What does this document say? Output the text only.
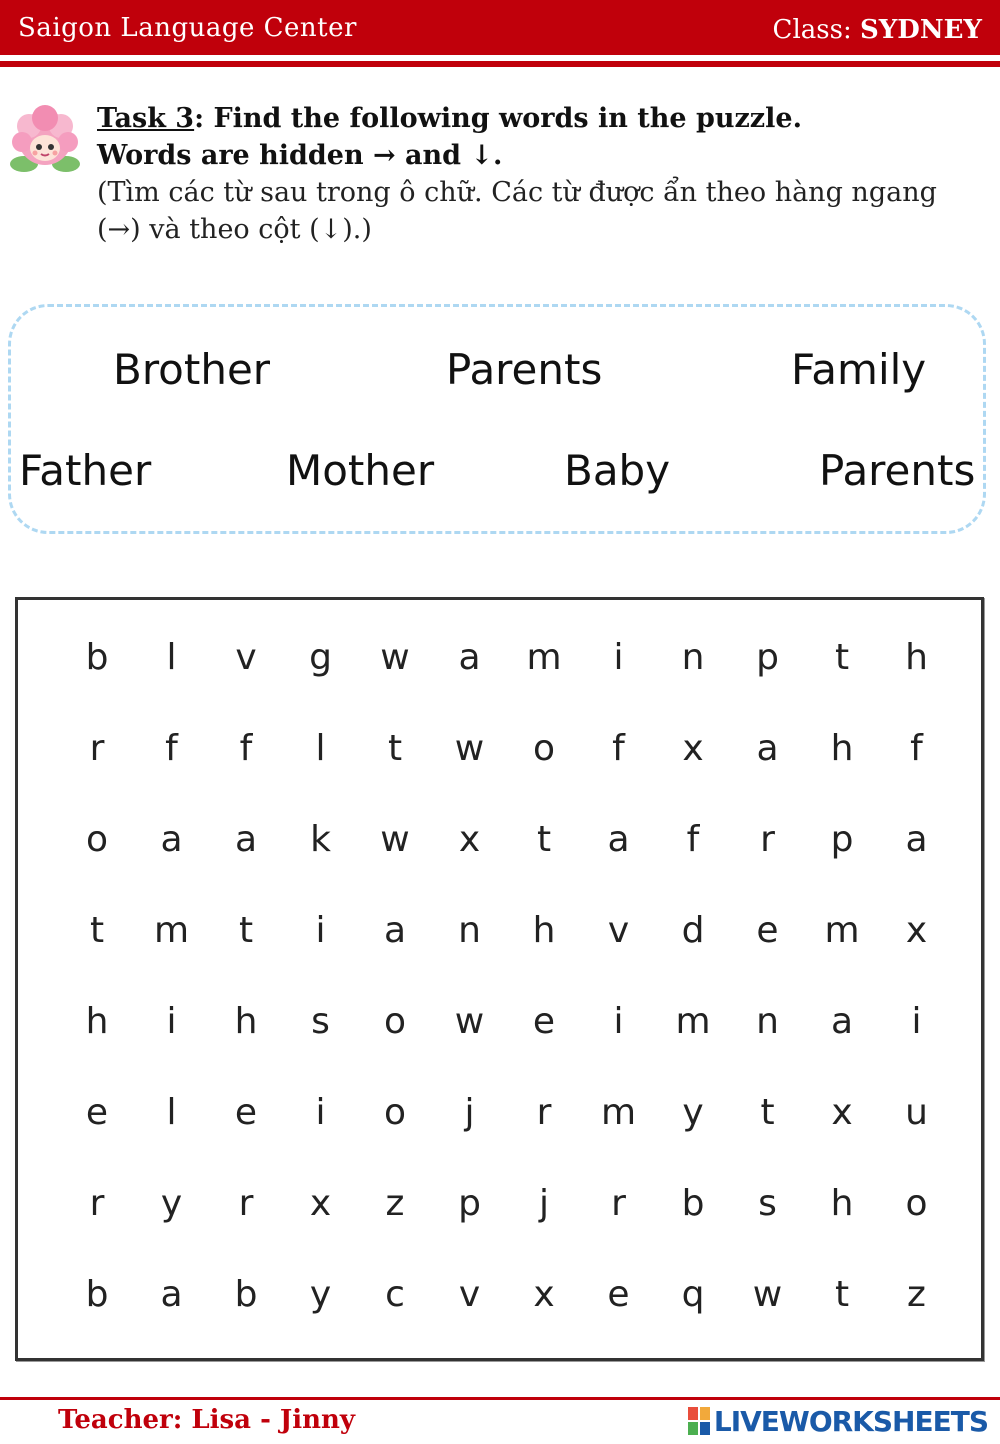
Saigon Language Center	Class: SYDNEY
Task 3: Find the following words in the puzzle.
Words are hidden → and ↓.
(Tìm các từ sau trong ô chữ. Các từ được ẩn theo hàng ngang (→) và theo cột (↓).)
Brother	Parents	Family
Father	Mother	Baby	Parents
b	l	v	g	w	a	m	i	n	p	t	h
r	f	f	l	t	w	o	f	x	a	h	f
o	a	a	k	w	x	t	a	f	r	p	a
t	m	t	i	a	n	h	v	d	e	m	x
h	i	h	s	o	w	e	i	m	n	a	i
e	l	e	i	o	j	r	m	y	t	x	u
r	y	r	x	z	p	j	r	b	s	h	o
b	a	b	y	c	v	x	e	q	w	t	z
Teacher: Lisa - Jinny	LIVEWORKSHEETS
